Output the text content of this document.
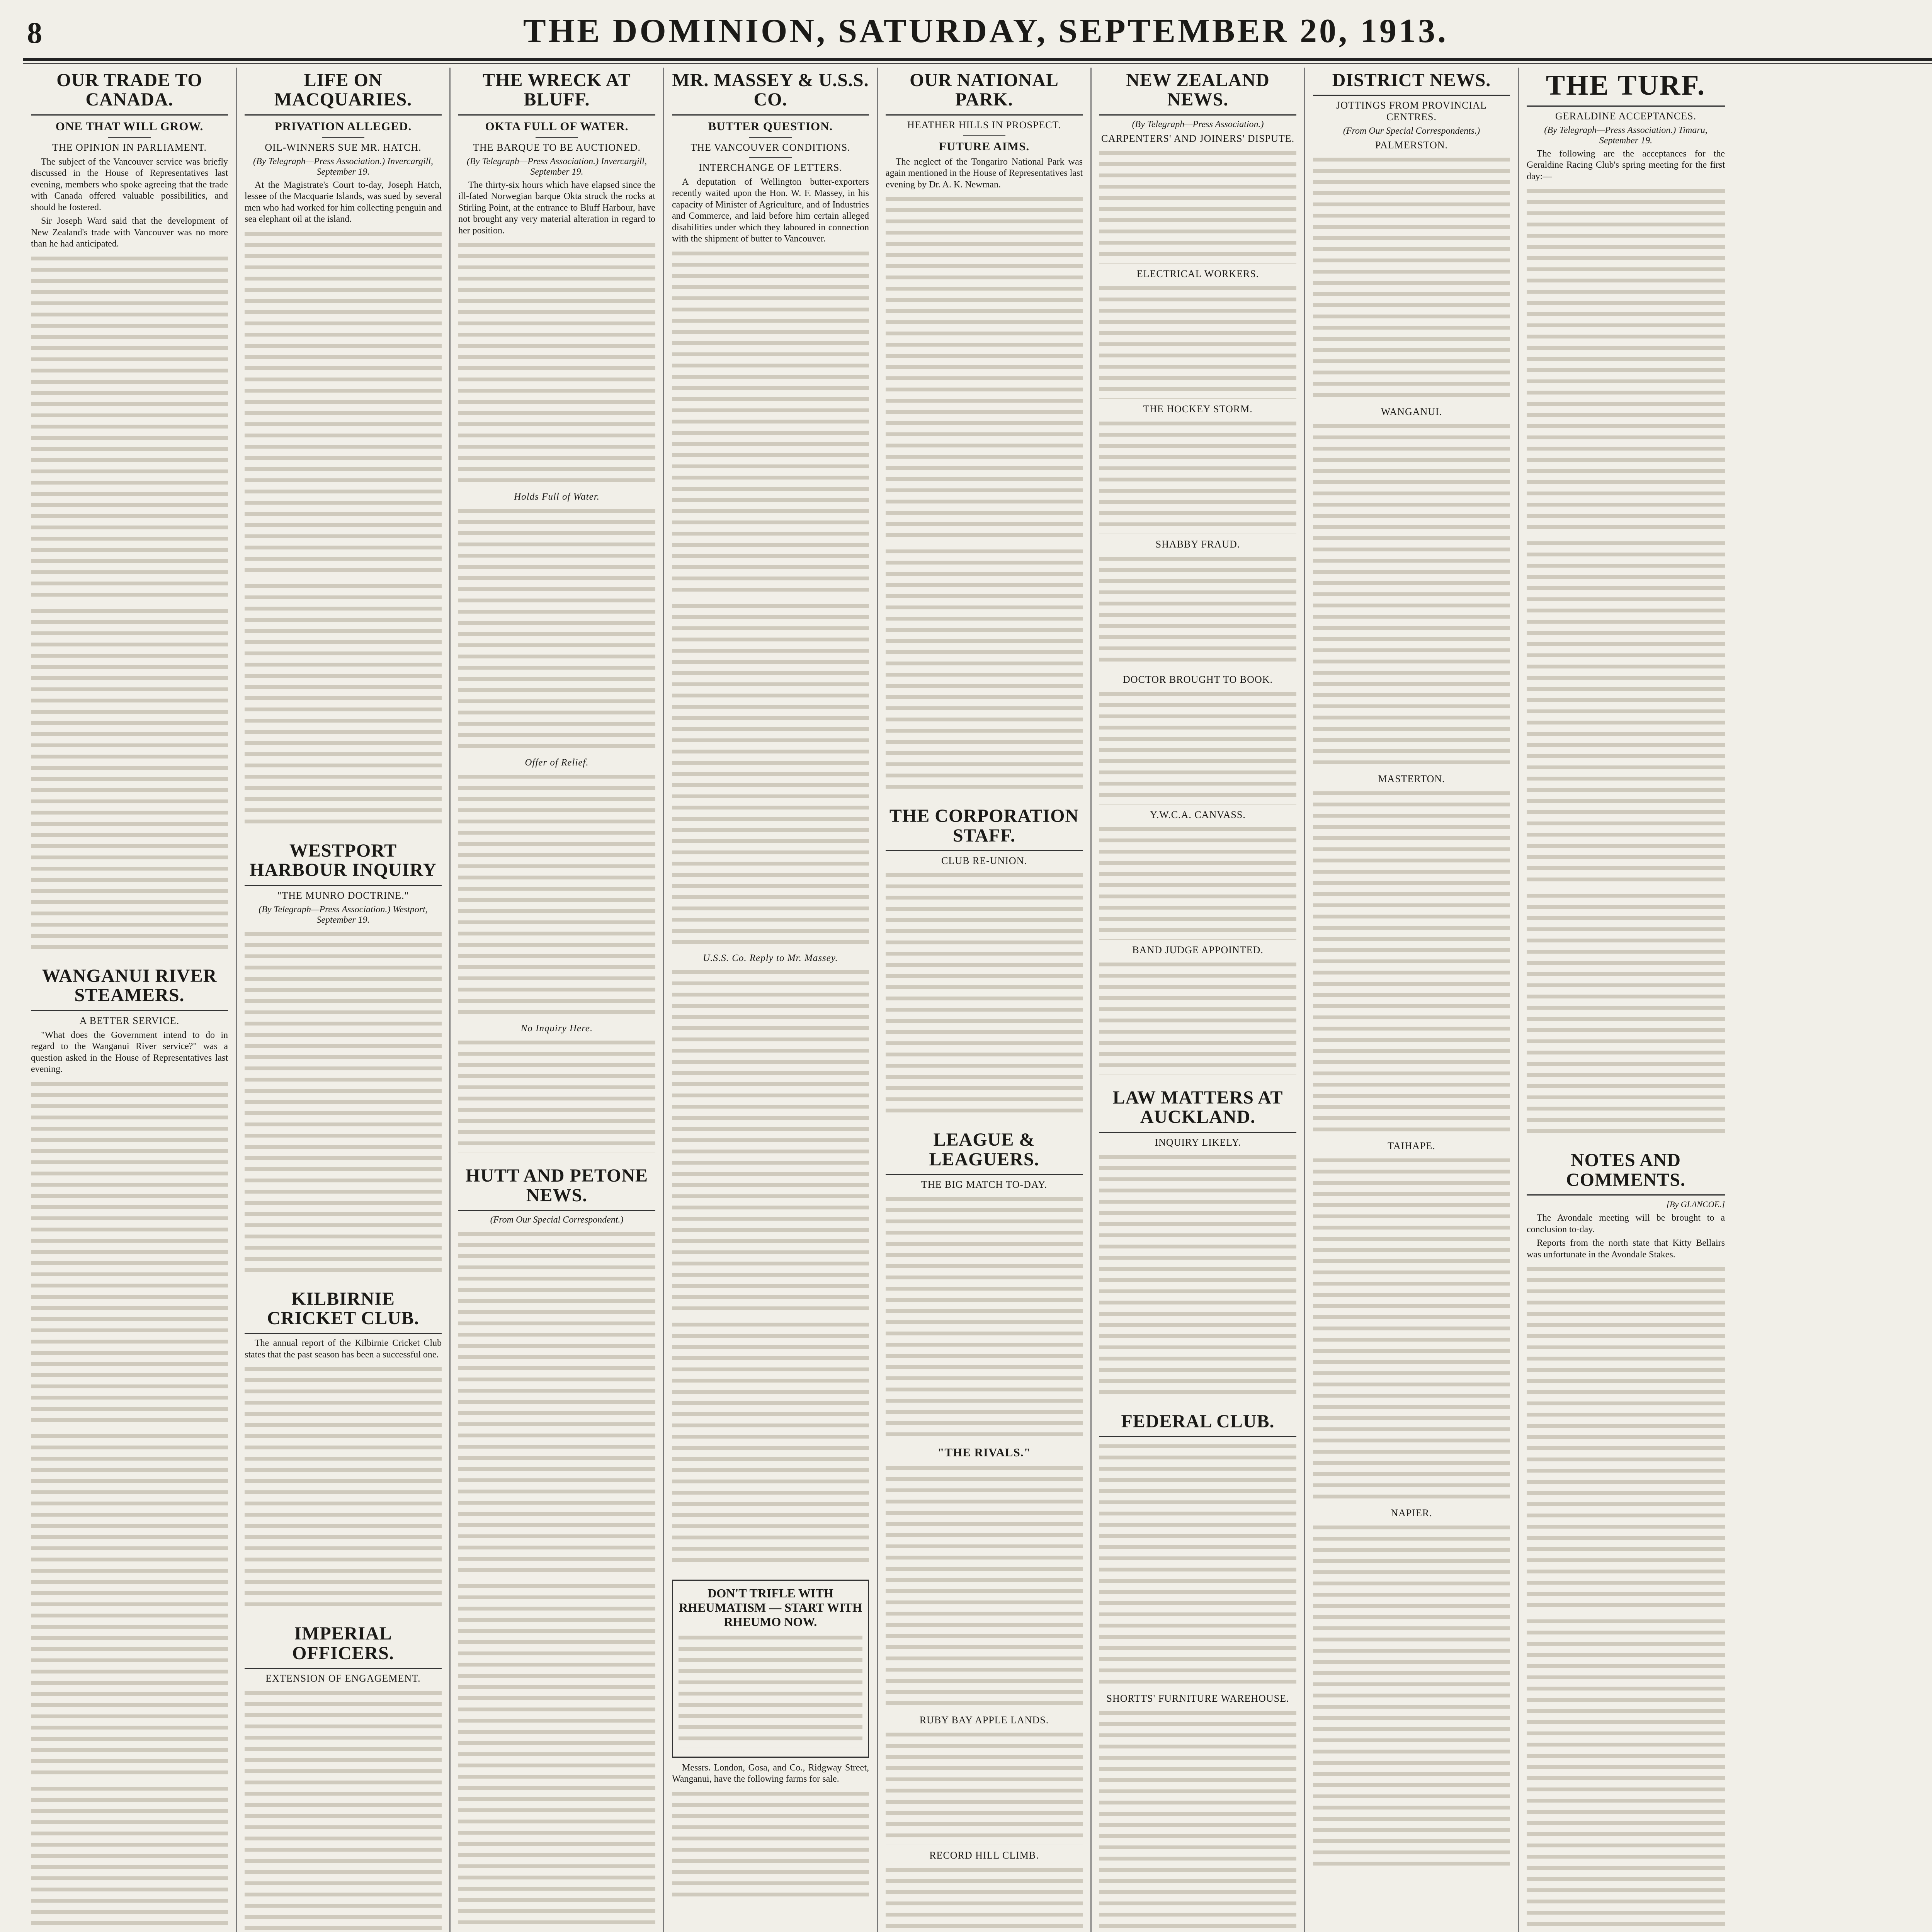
8	THE DOMINION, SATURDAY, SEPTEMBER 20, 1913.
OUR TRADE TO CANADA.
ONE THAT WILL GROW.
THE OPINION IN PARLIAMENT.

The subject of the Vancouver service was briefly discussed in the House of Representatives last evening, members who spoke agreeing that the trade with Canada offered valuable possibilities, and should be fostered.

Sir Joseph Ward said that the development of New Zealand's trade with Vancouver was no more than he had anticipated.

WANGANUI RIVER STEAMERS.
A BETTER SERVICE.

"What does the Government intend to do in regard to the Wanganui River service?" was a question asked in the House of Representatives last evening.

LIFE ON MACQUARIES.
PRIVATION ALLEGED.
OIL-WINNERS SUE MR. HATCH.
(By Telegraph—Press Association.) Invercargill, September 19.

At the Magistrate's Court to-day, Joseph Hatch, lessee of the Macquarie Islands, was sued by several men who had worked for him collecting penguin and sea elephant oil at the island.

WESTPORT HARBOUR INQUIRY
"THE MUNRO DOCTRINE."
(By Telegraph—Press Association.) Westport, September 19.
KILBIRNIE CRICKET CLUB.

The annual report of the Kilbirnie Cricket Club states that the past season has been a successful one.

IMPERIAL OFFICERS.
EXTENSION OF ENGAGEMENT.
THE WRECK AT BLUFF.
OKTA FULL OF WATER.
THE BARQUE TO BE AUCTIONED.
(By Telegraph—Press Association.) Invercargill, September 19.

The thirty-six hours which have elapsed since the ill-fated Norwegian barque Okta struck the rocks at Stirling Point, at the entrance to Bluff Harbour, have not brought any very material alteration in regard to her position.

Holds Full of Water.
Offer of Relief.
No Inquiry Here.
HUTT AND PETONE NEWS.
(From Our Special Correspondent.)
MR. MASSEY & U.S.S. CO.
BUTTER QUESTION.
THE VANCOUVER CONDITIONS.
INTERCHANGE OF LETTERS.

A deputation of Wellington butter-exporters recently waited upon the Hon. W. F. Massey, in his capacity of Minister of Agriculture, and of Industries and Commerce, and laid before him certain alleged disabilities under which they laboured in connection with the shipment of butter to Vancouver.

U.S.S. Co. Reply to Mr. Massey.
DON'T TRIFLE WITH RHEUMATISM — START WITH RHEUMO NOW.

Messrs. London, Gosa, and Co., Ridgway Street, Wanganui, have the following farms for sale.

OUR NATIONAL PARK.
HEATHER HILLS IN PROSPECT.
FUTURE AIMS.

The neglect of the Tongariro National Park was again mentioned in the House of Representatives last evening by Dr. A. K. Newman.

THE CORPORATION STAFF.
CLUB RE-UNION.
LEAGUE & LEAGUERS.
THE BIG MATCH TO-DAY.
"THE RIVALS."
RUBY BAY APPLE LANDS.
RECORD HILL CLIMB.
NEW ZEALAND NEWS.
(By Telegraph—Press Association.)
CARPENTERS' AND JOINERS' DISPUTE.
ELECTRICAL WORKERS.
THE HOCKEY STORM.
SHABBY FRAUD.
DOCTOR BROUGHT TO BOOK.
Y.W.C.A. CANVASS.
BAND JUDGE APPOINTED.
LAW MATTERS AT AUCKLAND.
INQUIRY LIKELY.
FEDERAL CLUB.
SHORTTS' FURNITURE WAREHOUSE.
DISTRICT NEWS.
JOTTINGS FROM PROVINCIAL CENTRES.
(From Our Special Correspondents.)
PALMERSTON.
WANGANUI.
MASTERTON.
TAIHAPE.
NAPIER.
THE TURF.
GERALDINE ACCEPTANCES.
(By Telegraph—Press Association.) Timaru, September 19.

The following are the acceptances for the Geraldine Racing Club's spring meeting for the first day:—

NOTES AND COMMENTS.
[By GLANCOE.]

The Avondale meeting will be brought to a conclusion to-day.

Reports from the north state that Kitty Bellairs was unfortunate in the Avondale Stakes.
